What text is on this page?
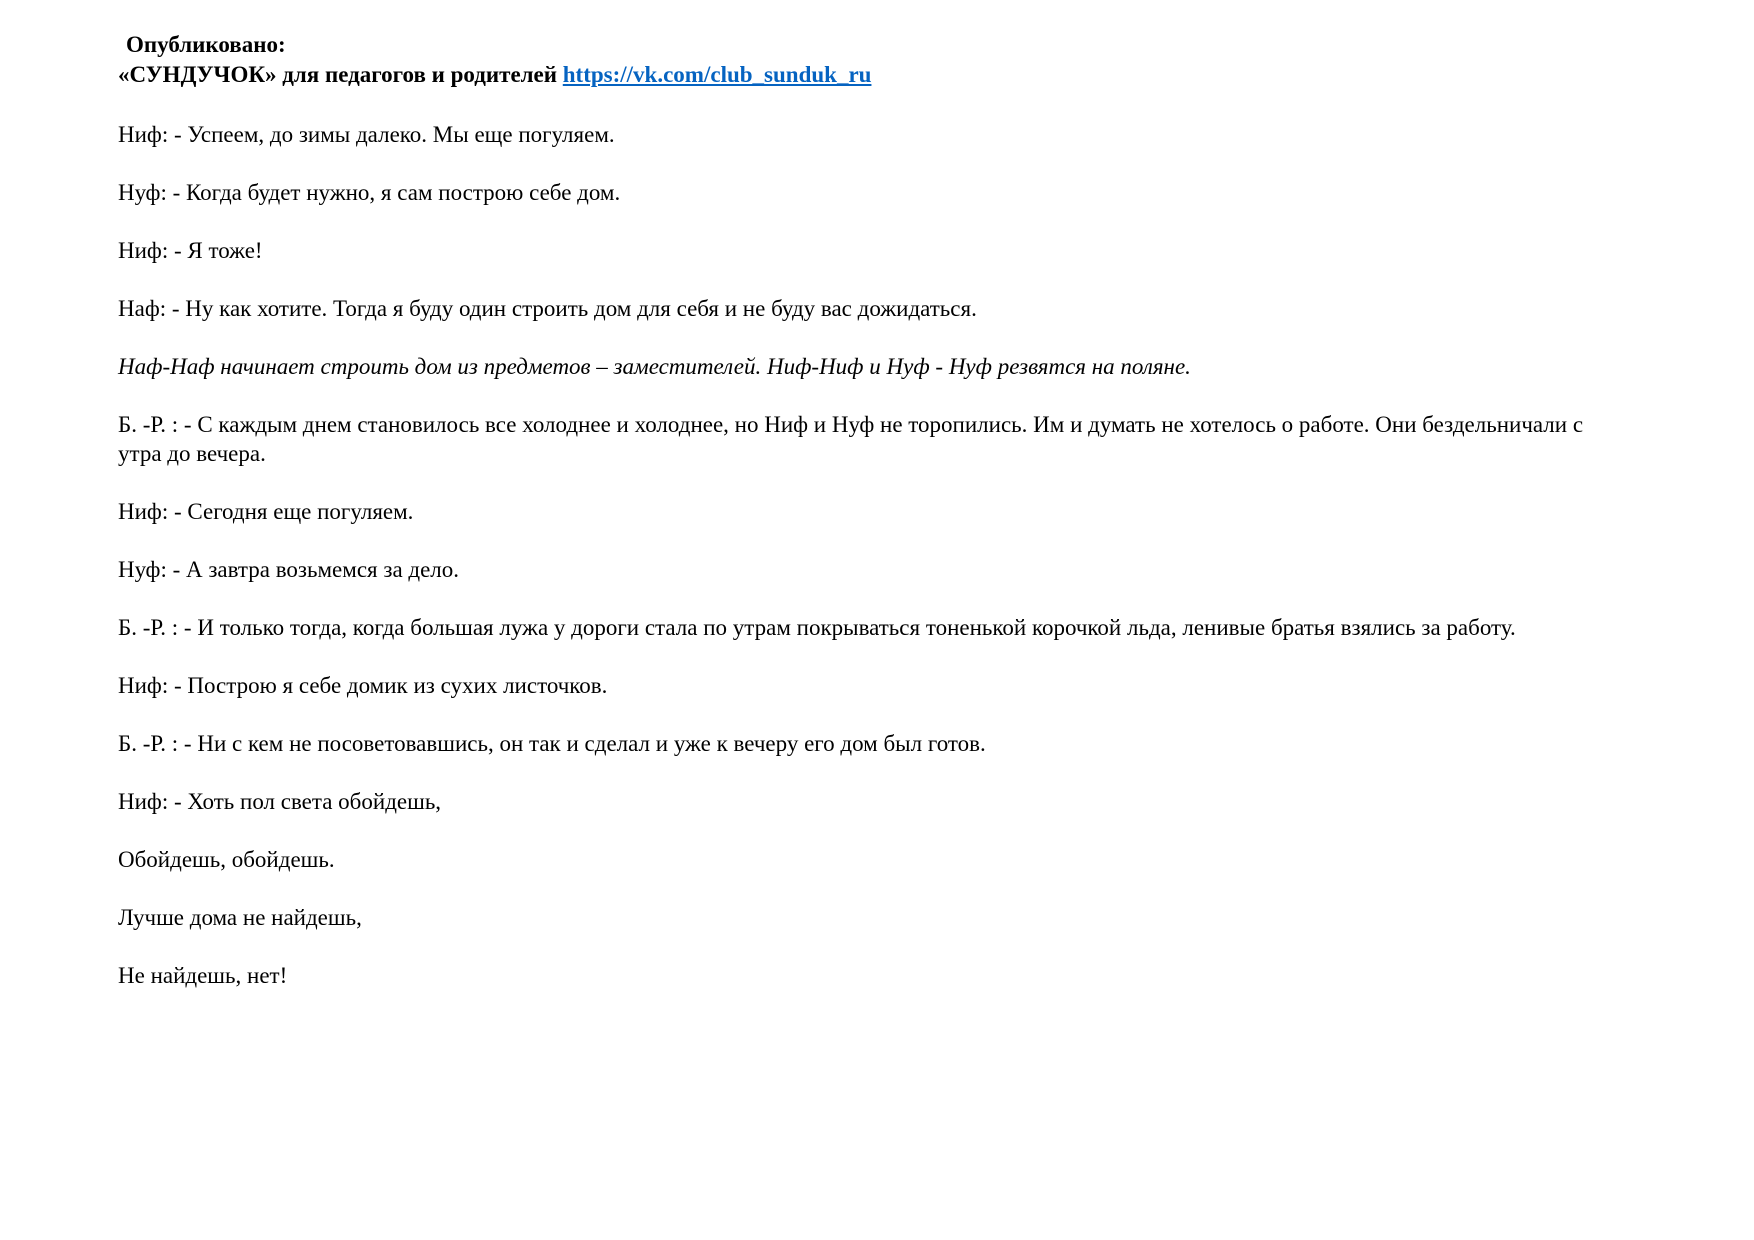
Опубликовано:
«СУНДУЧОК» для педагогов и родителей https://vk.com/club_sunduk_ru

Ниф: - Успеем, до зимы далеко. Мы еще погуляем.

Нуф: - Когда будет нужно, я сам построю себе дом.

Ниф: - Я тоже!

Наф: - Ну как хотите. Тогда я буду один строить дом для себя и не буду вас дожидаться.

Наф-Наф начинает строить дом из предметов – заместителей. Ниф-Ниф и Нуф - Нуф резвятся на поляне.

Б. -Р. : - С каждым днем становилось все холоднее и холоднее, но Ниф и Нуф не торопились. Им и думать не хотелось о работе. Они бездельничали с утра до вечера.

Ниф: - Сегодня еще погуляем.

Нуф: - А завтра возьмемся за дело.

Б. -Р. : - И только тогда, когда большая лужа у дороги стала по утрам покрываться тоненькой корочкой льда, ленивые братья взялись за работу.

Ниф: - Построю я себе домик из сухих листочков.

Б. -Р. : - Ни с кем не посоветовавшись, он так и сделал и уже к вечеру его дом был готов.

Ниф: - Хоть пол света обойдешь,

Обойдешь, обойдешь.

Лучше дома не найдешь,

Не найдешь, нет!
